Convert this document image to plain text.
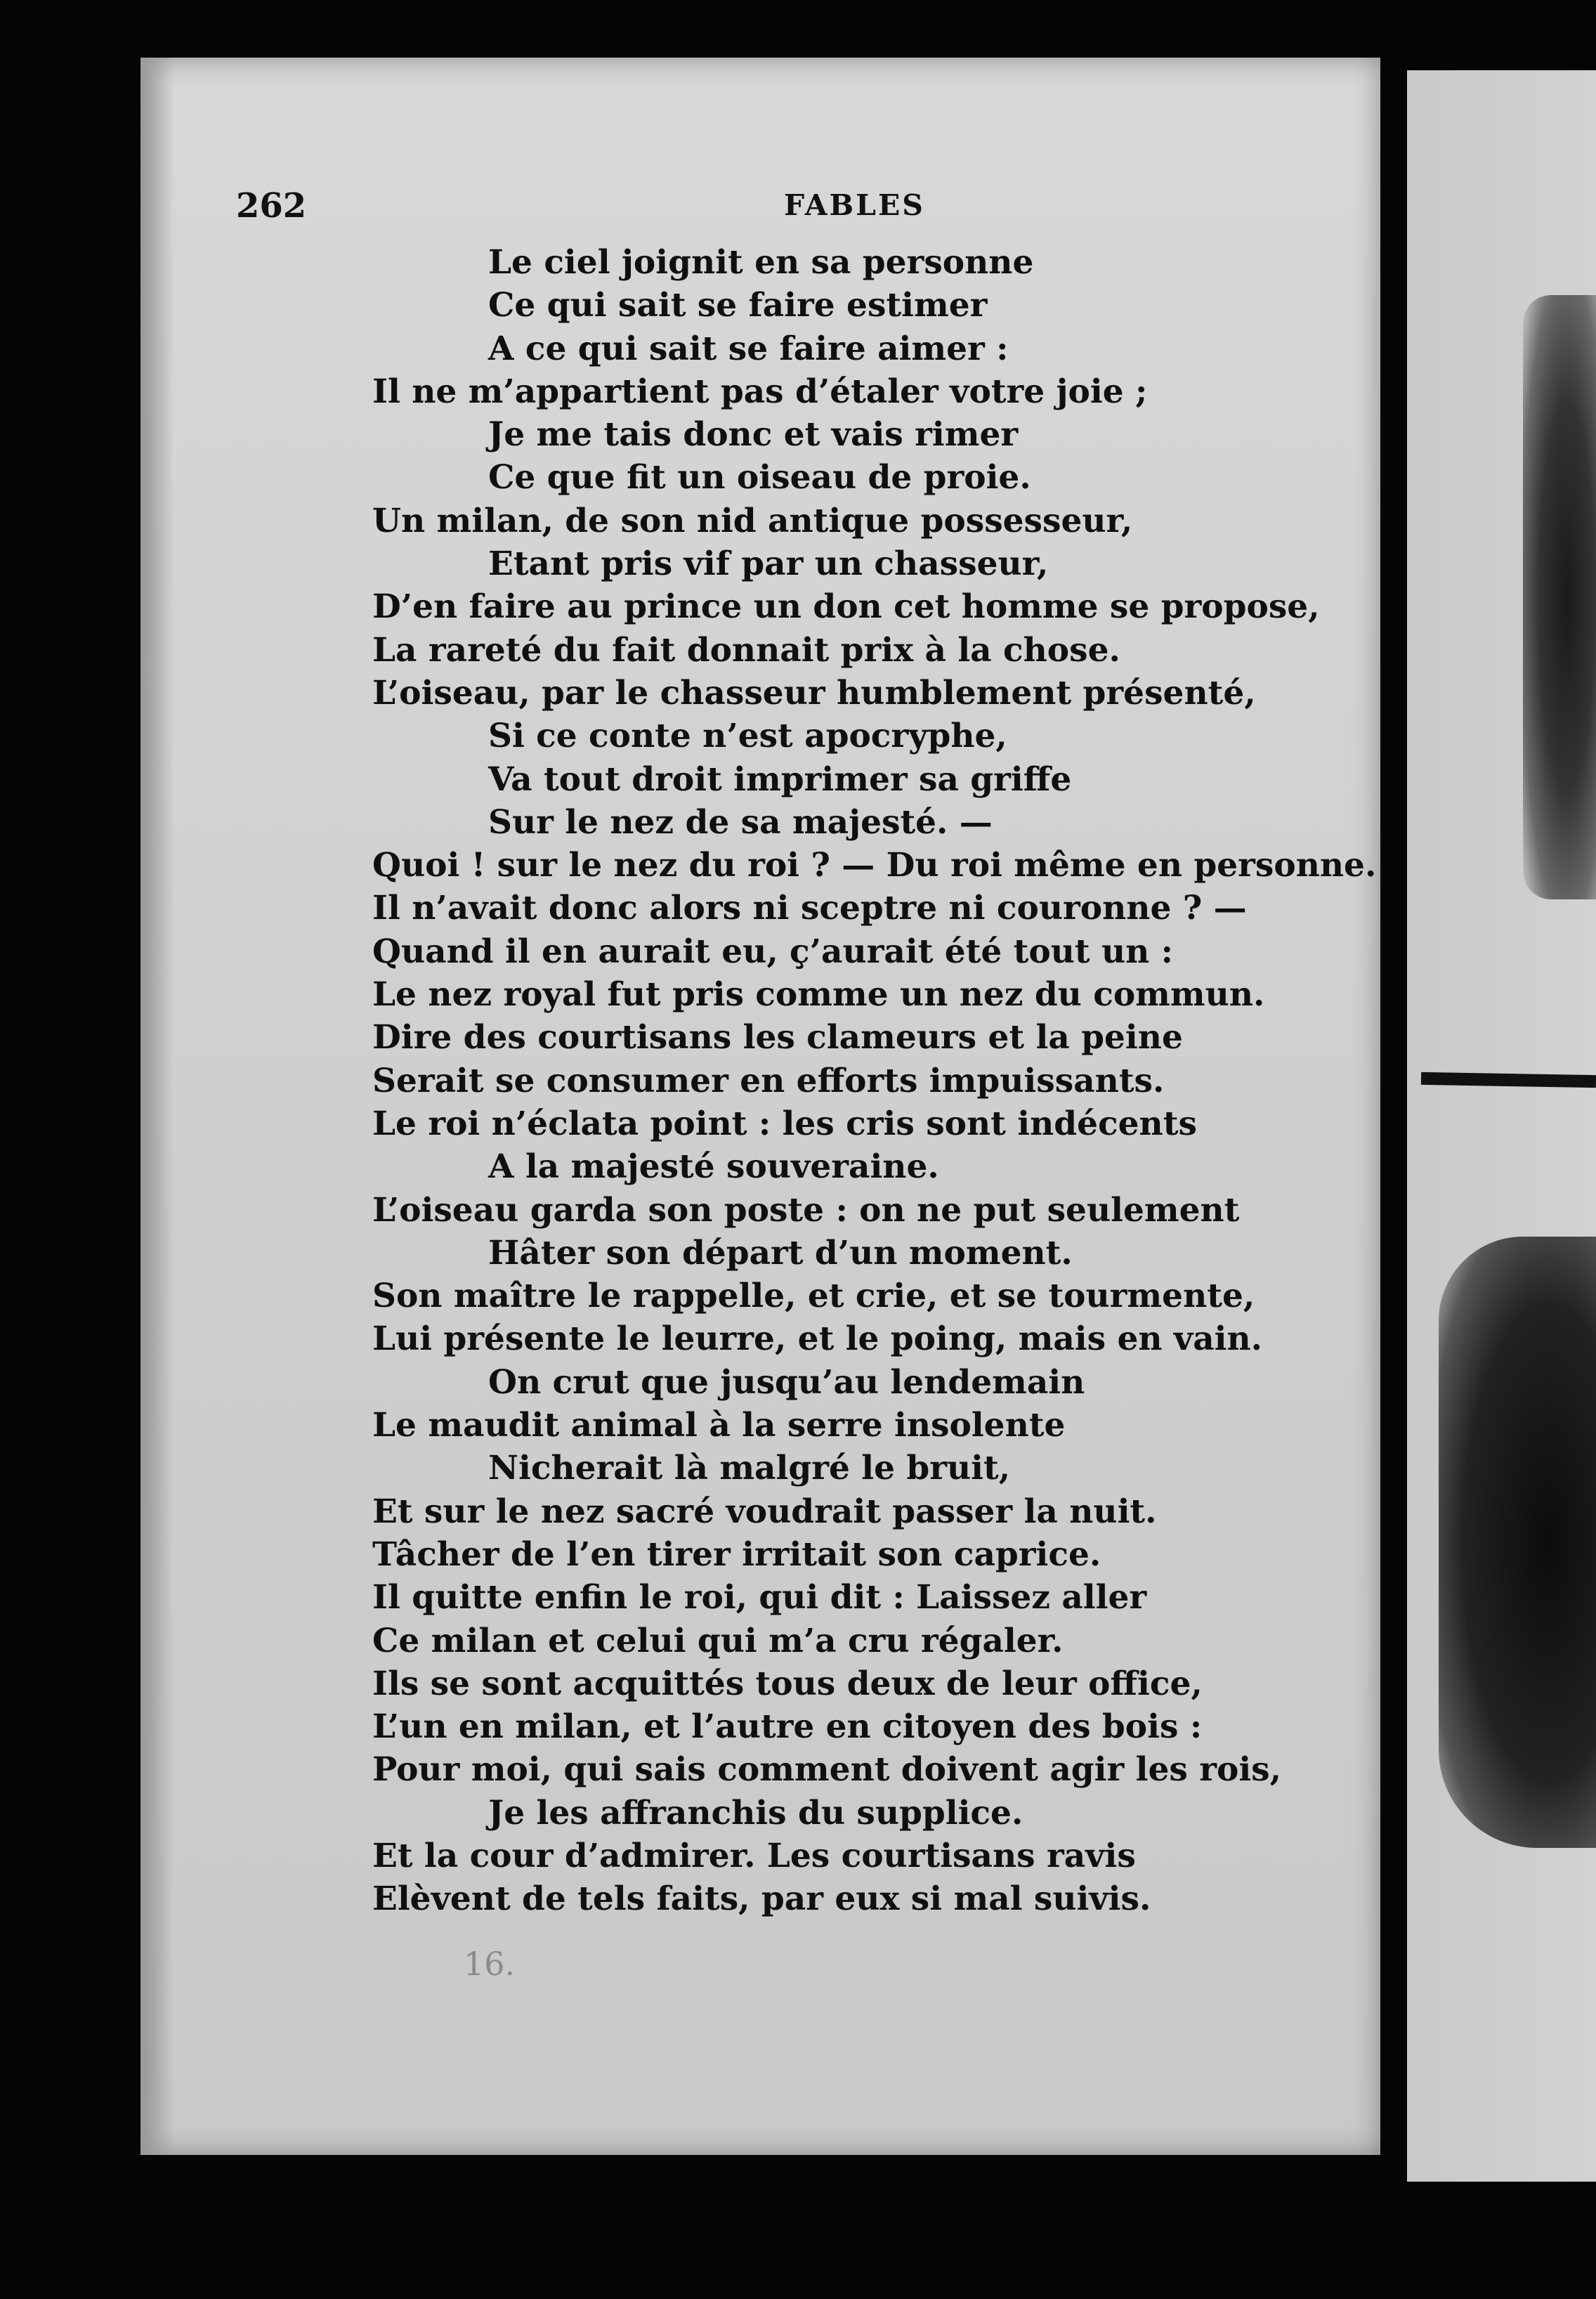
262	FABLES
Le ciel joignit en sa personne
Ce qui sait se faire estimer
A ce qui sait se faire aimer :
Il ne m’appartient pas d’étaler votre joie ;
Je me tais donc et vais rimer
Ce que fit un oiseau de proie.
Un milan, de son nid antique possesseur,
Etant pris vif par un chasseur,
D’en faire au prince un don cet homme se propose,
La rareté du fait donnait prix à la chose.
L’oiseau, par le chasseur humblement présenté,
Si ce conte n’est apocryphe,
Va tout droit imprimer sa griffe
Sur le nez de sa majesté. —
Quoi ! sur le nez du roi ? — Du roi même en personne.
Il n’avait donc alors ni sceptre ni couronne ? —
Quand il en aurait eu, ç’aurait été tout un :
Le nez royal fut pris comme un nez du commun.
Dire des courtisans les clameurs et la peine
Serait se consumer en efforts impuissants.
Le roi n’éclata point : les cris sont indécents
A la majesté souveraine.
L’oiseau garda son poste : on ne put seulement
Hâter son départ d’un moment.
Son maître le rappelle, et crie, et se tourmente,
Lui présente le leurre, et le poing, mais en vain.
On crut que jusqu’au lendemain
Le maudit animal à la serre insolente
Nicherait là malgré le bruit,
Et sur le nez sacré voudrait passer la nuit.
Tâcher de l’en tirer irritait son caprice.
Il quitte enfin le roi, qui dit : Laissez aller
Ce milan et celui qui m’a cru régaler.
Ils se sont acquittés tous deux de leur office,
L’un en milan, et l’autre en citoyen des bois :
Pour moi, qui sais comment doivent agir les rois,
Je les affranchis du supplice.
Et la cour d’admirer. Les courtisans ravis
Elèvent de tels faits, par eux si mal suivis.
16.
